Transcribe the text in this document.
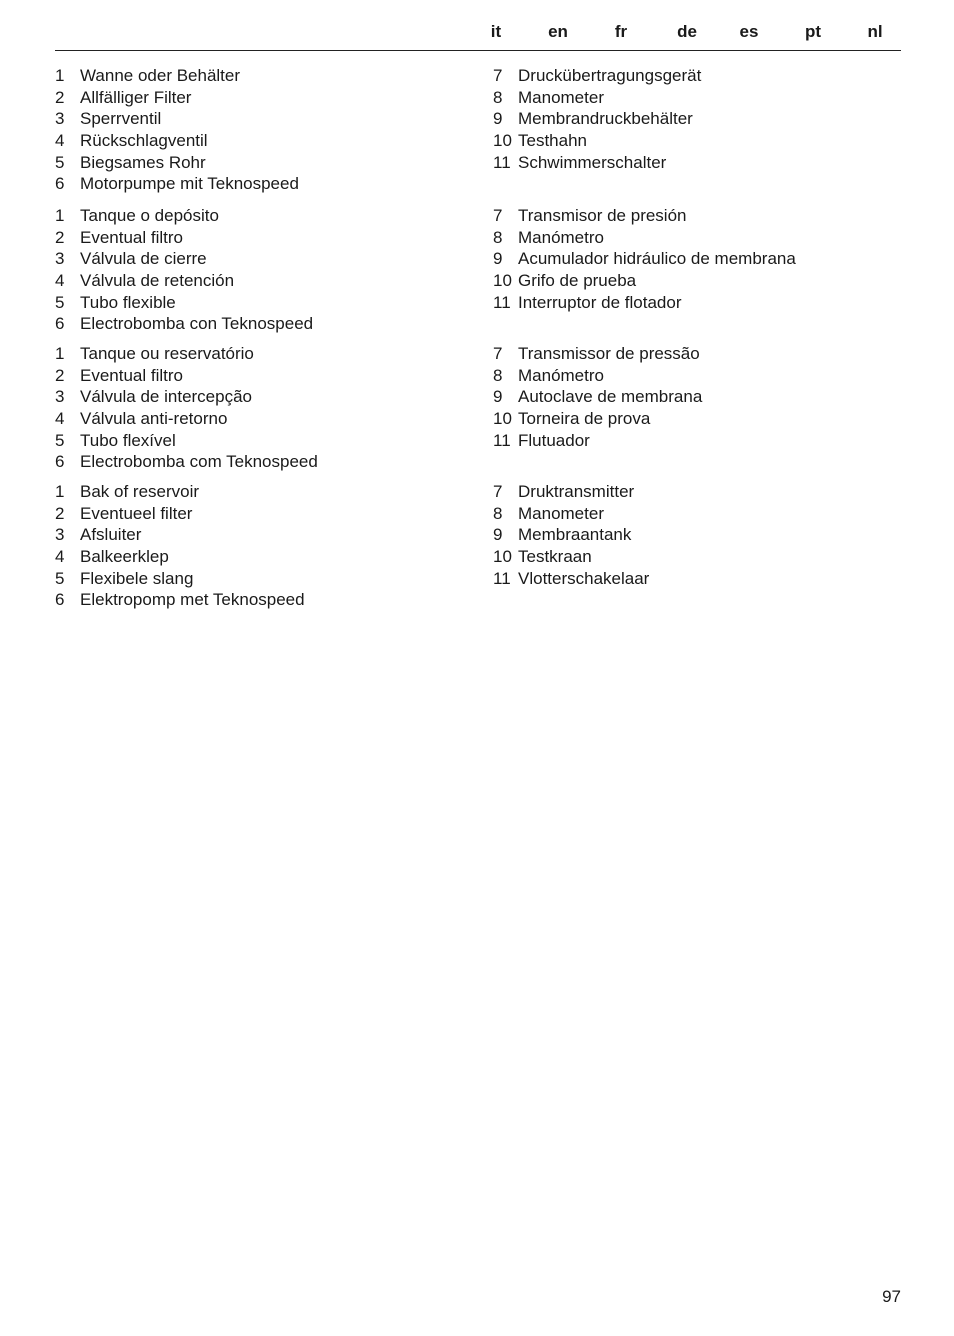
it	en	fr	de	es	pt	nl
1 Wanne oder Behälter
2 Allfälliger Filter
3 Sperrventil
4 Rückschlagventil
5 Biegsames Rohr
6 Motorpumpe mit Teknospeed
7 Druckübertragungsgerät
8 Manometer
9 Membrandruckbehälter
10 Testhahn
11 Schwimmerschalter
1 Tanque o depósito
2 Eventual filtro
3 Válvula de cierre
4 Válvula de retención
5 Tubo flexible
6 Electrobomba con Teknospeed
7 Transmisor de presión
8 Manómetro
9 Acumulador hidráulico de membrana
10 Grifo de prueba
11 Interruptor de flotador
1 Tanque ou reservatório
2 Eventual filtro
3 Válvula de intercepção
4 Válvula anti-retorno
5 Tubo flexível
6 Electrobomba com Teknospeed
7 Transmissor de pressão
8 Manómetro
9 Autoclave de membrana
10 Torneira de prova
11 Flutuador
1 Bak of reservoir
2 Eventueel filter
3 Afsluiter
4 Balkeerklep
5 Flexibele slang
6 Elektropomp met Teknospeed
7 Druktransmitter
8 Manometer
9 Membraantank
10 Testkraan
11 Vlotterschakelaar
97
